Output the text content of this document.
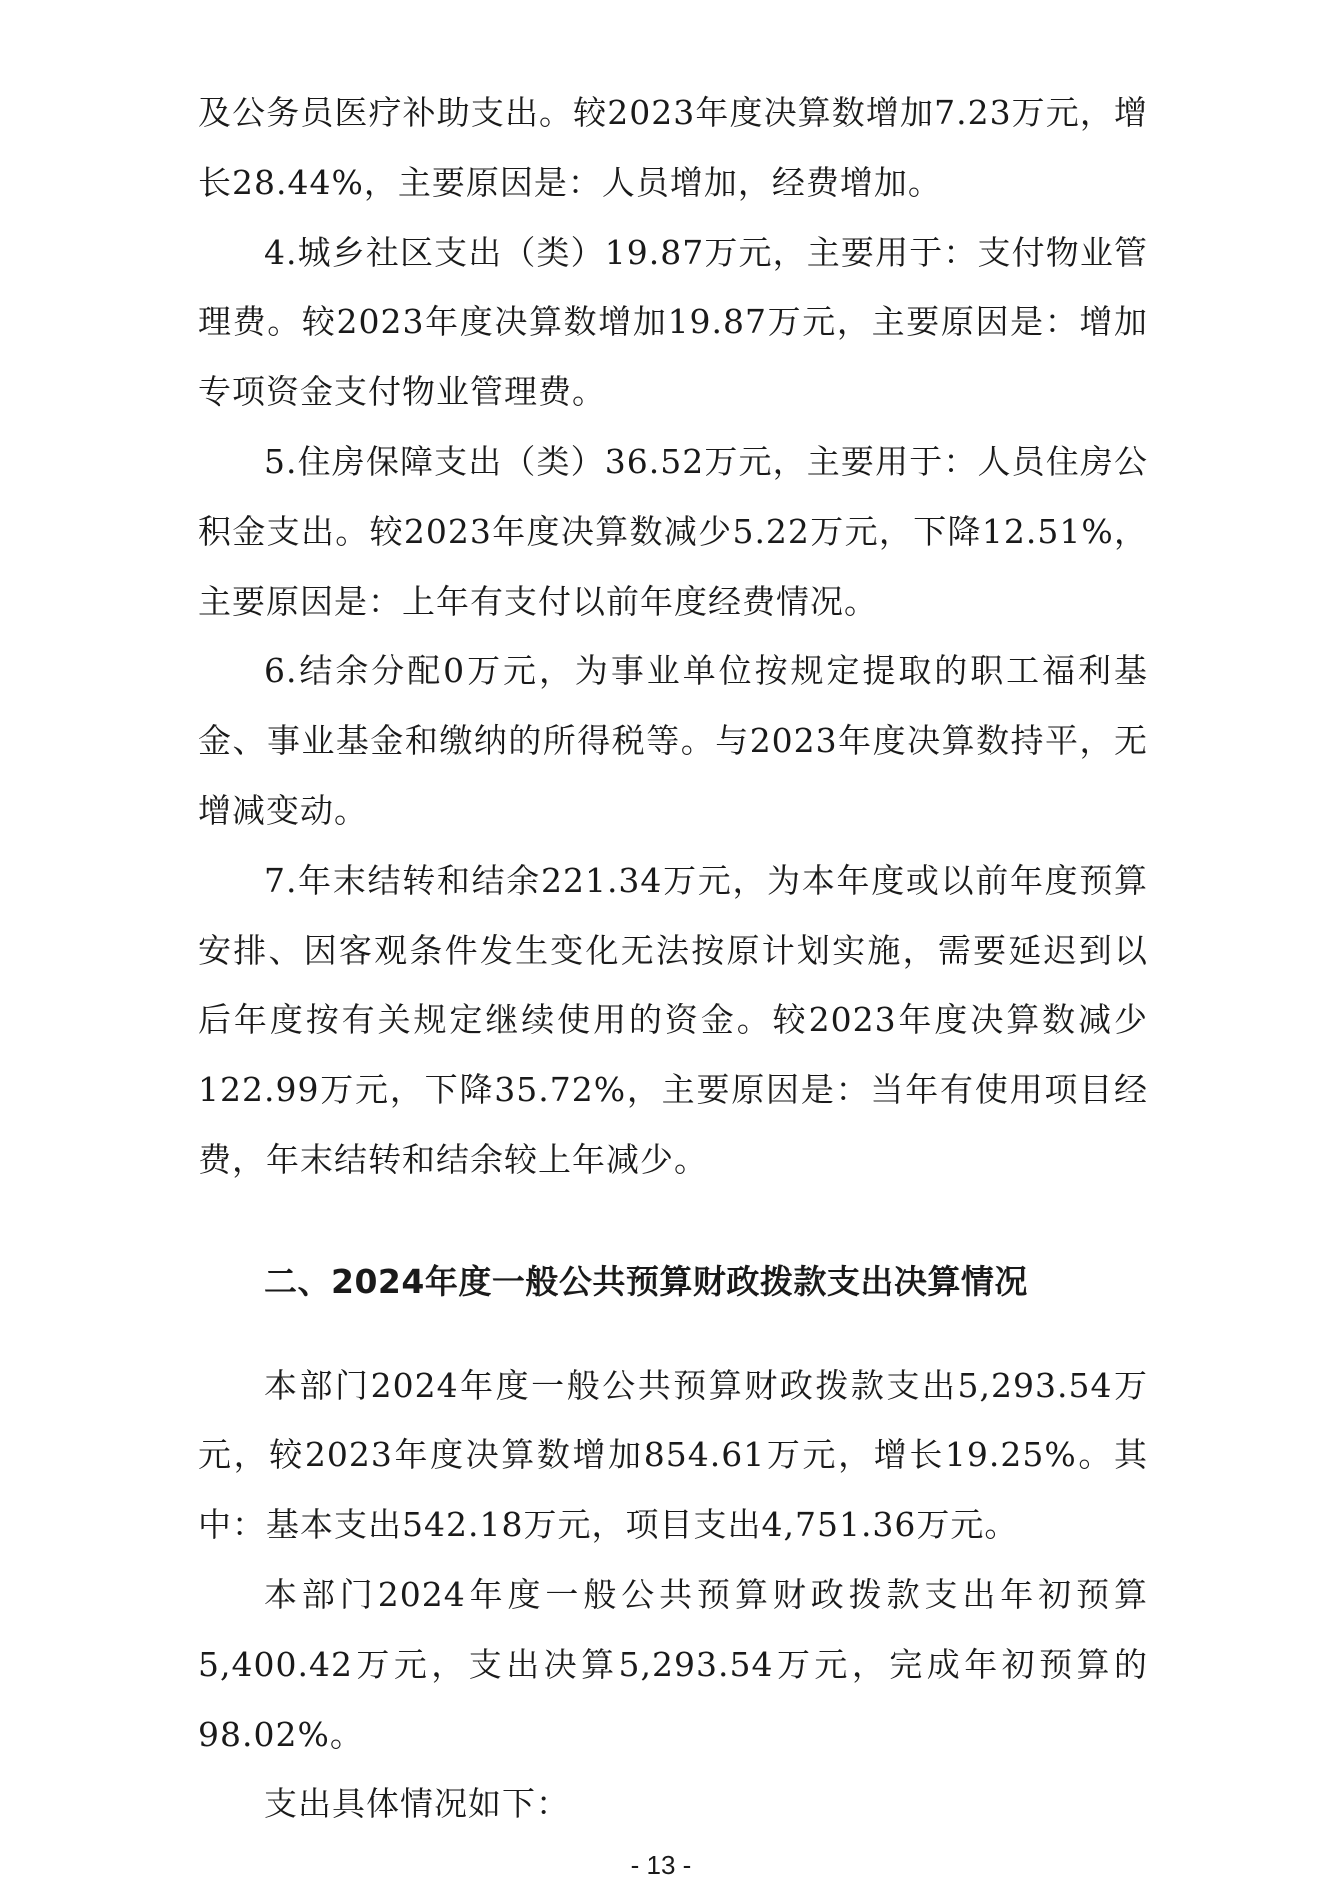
及公务员医疗补助支出。较2023年度决算数增加7.23万元，增长28.44%，主要原因是：人员增加，经费增加。

4.城乡社区支出（类）19.87万元，主要用于：支付物业管理费。较2023年度决算数增加19.87万元，主要原因是：增加专项资金支付物业管理费。

5.住房保障支出（类）36.52万元，主要用于：人员住房公积金支出。较2023年度决算数减少5.22万元，下降12.51%，主要原因是：上年有支付以前年度经费情况。

6.结余分配0万元，为事业单位按规定提取的职工福利基金、事业基金和缴纳的所得税等。与2023年度决算数持平，无增减变动。

7.年末结转和结余221.34万元，为本年度或以前年度预算安排、因客观条件发生变化无法按原计划实施，需要延迟到以后年度按有关规定继续使用的资金。较2023年度决算数减少122.99万元，下降35.72%，主要原因是：当年有使用项目经费，年末结转和结余较上年减少。

二、2024年度一般公共预算财政拨款支出决算情况

本部门2024年度一般公共预算财政拨款支出5,293.54万元，较2023年度决算数增加854.61万元，增长19.25%。其中：基本支出542.18万元，项目支出4,751.36万元。

本部门2024年度一般公共预算财政拨款支出年初预算5,400.42万元，支出决算5,293.54万元，完成年初预算的98.02%。

支出具体情况如下：

- 13 -
